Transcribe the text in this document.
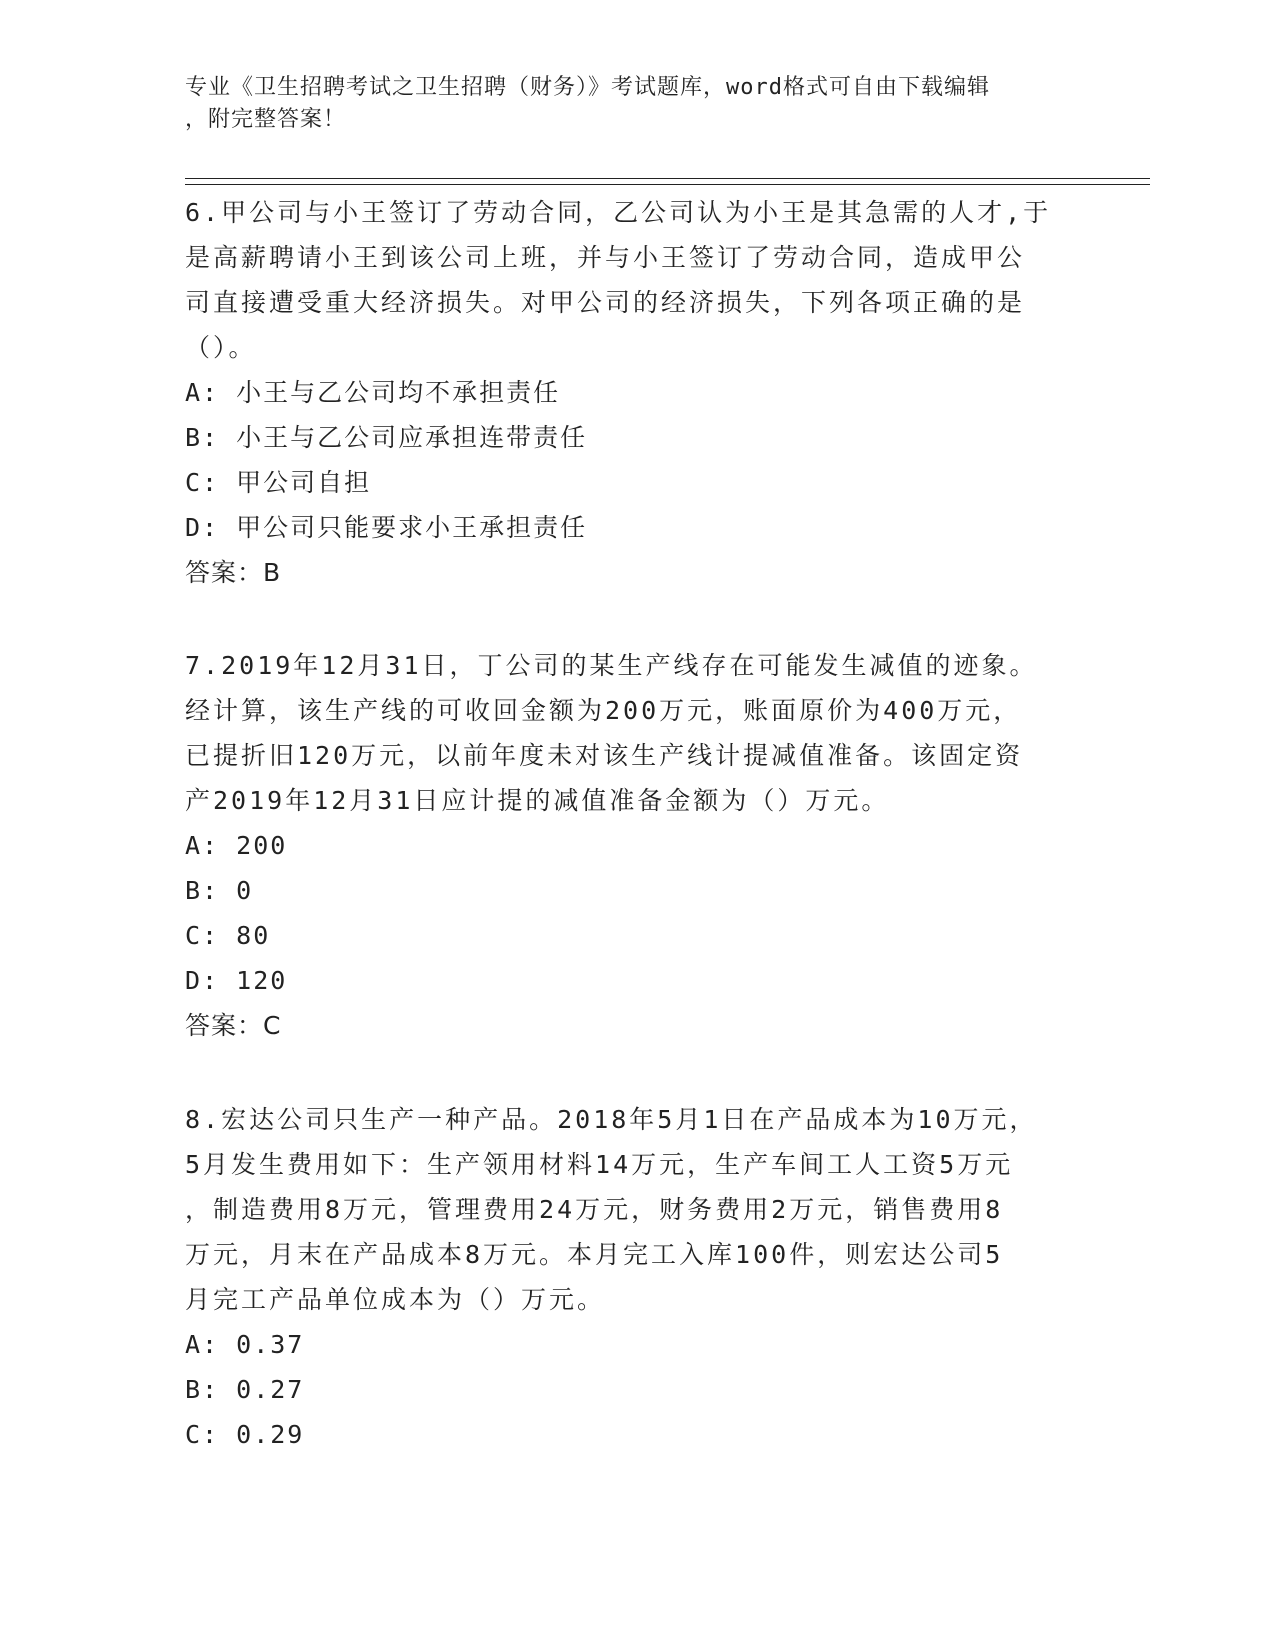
专业《卫生招聘考试之卫生招聘（财务）》考试题库，word格式可自由下载编辑
，附完整答案！
6.甲公司与小王签订了劳动合同，乙公司认为小王是其急需的人才,于
是高薪聘请小王到该公司上班，并与小王签订了劳动合同，造成甲公
司直接遭受重大经济损失。对甲公司的经济损失，下列各项正确的是
（）。
A: 小王与乙公司均不承担责任
B: 小王与乙公司应承担连带责任
C: 甲公司自担
D: 甲公司只能要求小王承担责任
答案：B
7.2019年12月31日，丁公司的某生产线存在可能发生减值的迹象。
经计算，该生产线的可收回金额为200万元，账面原价为400万元，
已提折旧120万元，以前年度未对该生产线计提减值准备。该固定资
产2019年12月31日应计提的减值准备金额为（）万元。
A: 200
B: 0
C: 80
D: 120
答案：C
8.宏达公司只生产一种产品。2018年5月1日在产品成本为10万元，
5月发生费用如下：生产领用材料14万元，生产车间工人工资5万元
，制造费用8万元，管理费用24万元，财务费用2万元，销售费用8
万元，月末在产品成本8万元。本月完工入库100件，则宏达公司5
月完工产品单位成本为（）万元。
A: 0.37
B: 0.27
C: 0.29
